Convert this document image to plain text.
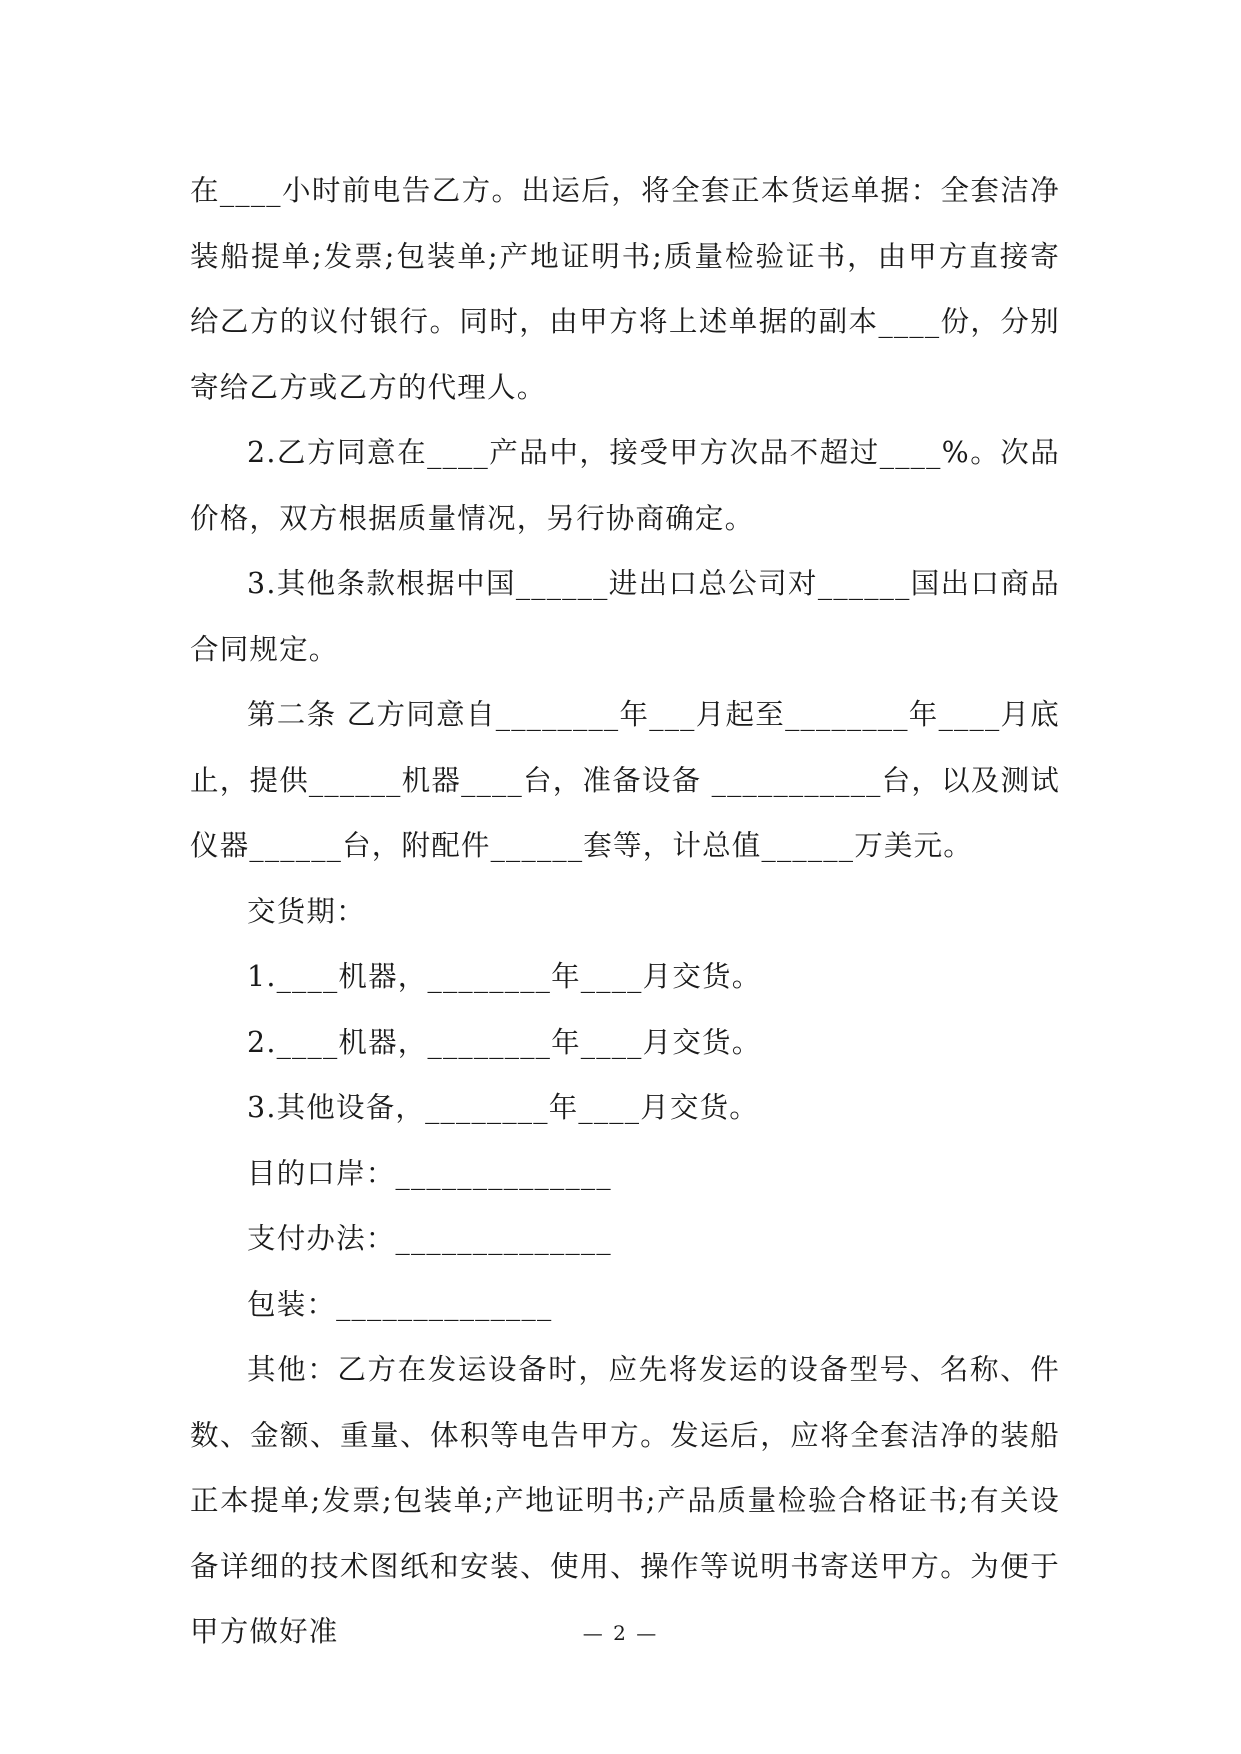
在____小时前电告乙方。出运后，将全套正本货运单据：全套洁净装船提单;发票;包装单;产地证明书;质量检验证书，由甲方直接寄给乙方的议付银行。同时，由甲方将上述单据的副本____份，分别寄给乙方或乙方的代理人。

2.乙方同意在____产品中，接受甲方次品不超过____%。次品价格，双方根据质量情况，另行协商确定。

3.其他条款根据中国______进出口总公司对______国出口商品合同规定。

第二条 乙方同意自________年___月起至________年____月底止，提供______机器____台，准备设备 ___________台，以及测试仪器______台，附配件______套等，计总值______万美元。

交货期：

1.____机器，________年____月交货。

2.____机器，________年____月交货。

3.其他设备，________年____月交货。

目的口岸：______________

支付办法：______________

包装：______________

其他：乙方在发运设备时，应先将发运的设备型号、名称、件数、金额、重量、体积等电告甲方。发运后，应将全套洁净的装船正本提单;发票;包装单;产地证明书;产品质量检验合格证书;有关设备详细的技术图纸和安装、使用、操作等说明书寄送甲方。为便于甲方做好准	— 2 —
